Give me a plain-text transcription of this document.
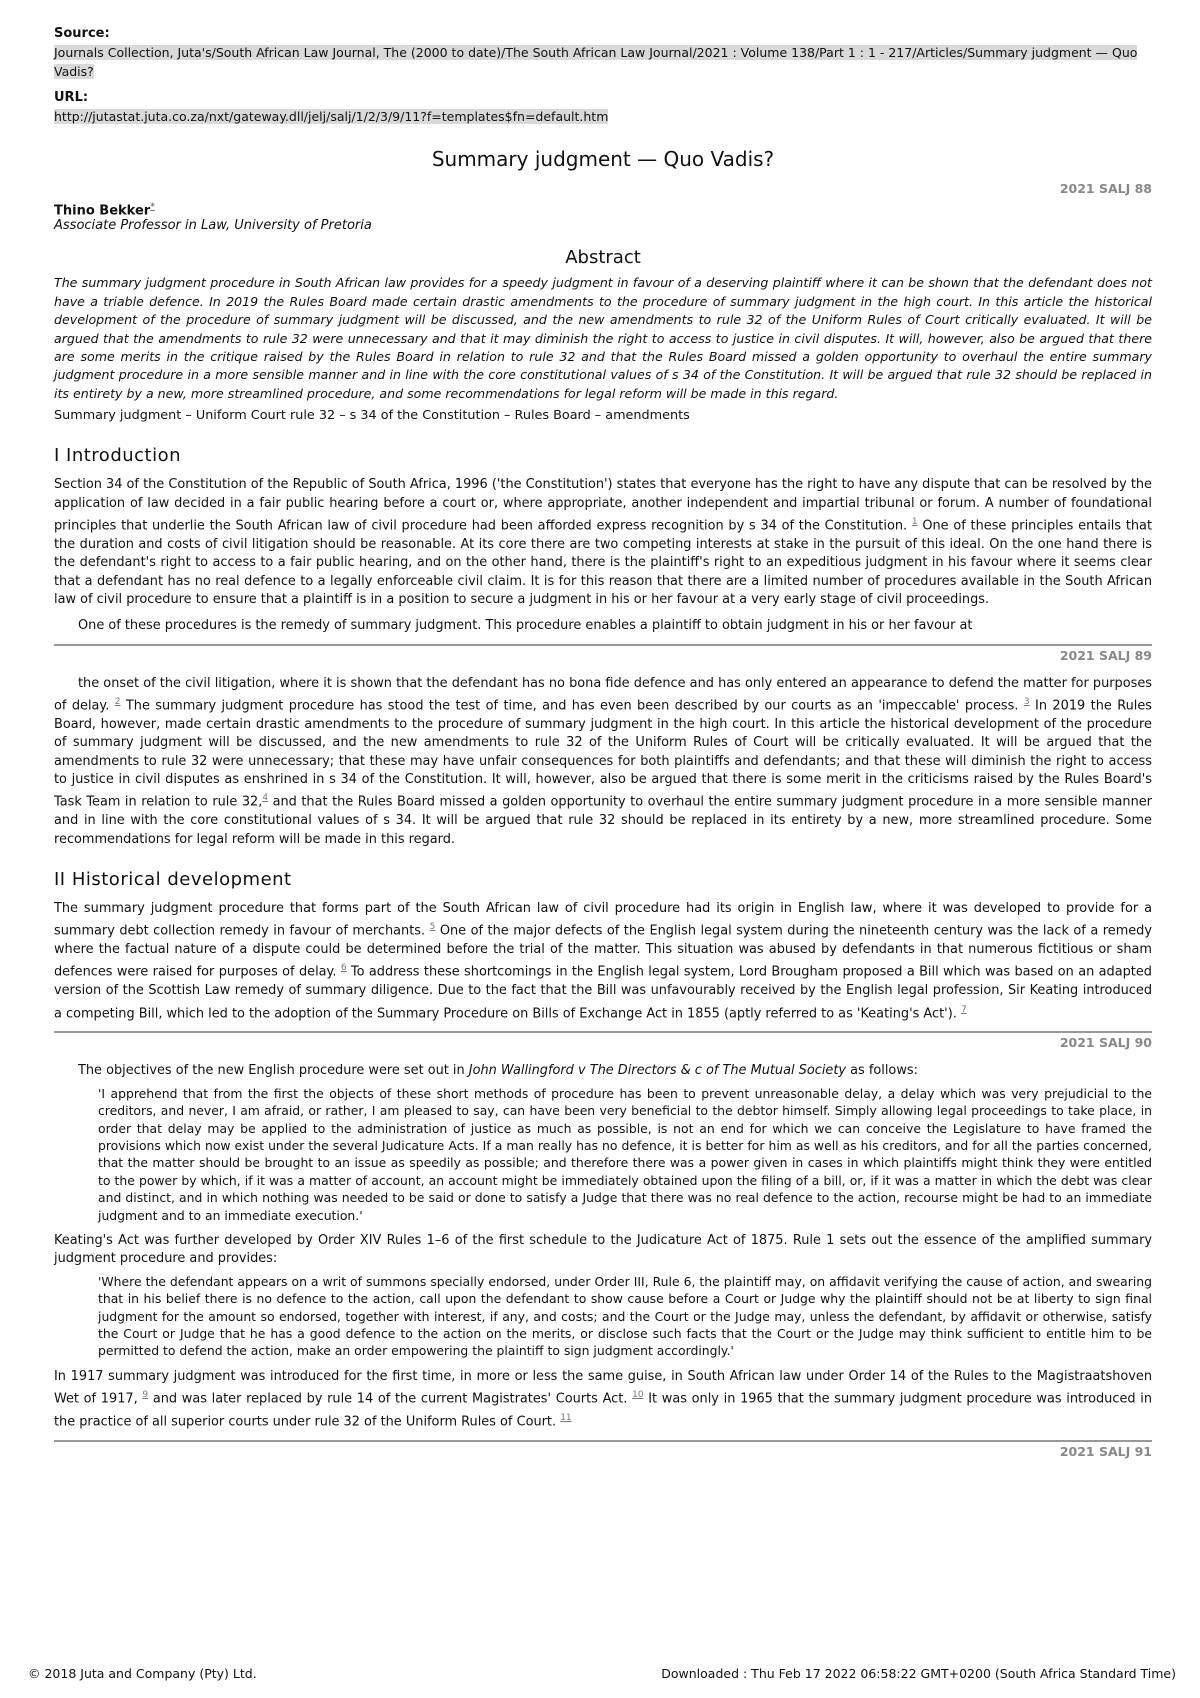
Source:
Journals Collection, Juta's/South African Law Journal, The (2000 to date)/The South African Law Journal/2021 : Volume 138/Part 1 : 1 - 217/Articles/Summary judgment — Quo Vadis?
URL:
http://jutastat.juta.co.za/nxt/gateway.dll/jelj/salj/1/2/3/9/11?f=templates$fn=default.htm
Summary judgment — Quo Vadis?
2021 SALJ 88
Thino Bekker*
Associate Professor in Law, University of Pretoria
Abstract

The summary judgment procedure in South African law provides for a speedy judgment in favour of a deserving plaintiff where it can be shown that the defendant does not have a triable defence. In 2019 the Rules Board made certain drastic amendments to the procedure of summary judgment in the high court. In this article the historical development of the procedure of summary judgment will be discussed, and the new amendments to rule 32 of the Uniform Rules of Court critically evaluated. It will be argued that the amendments to rule 32 were unnecessary and that it may diminish the right to access to justice in civil disputes. It will, however, also be argued that there are some merits in the critique raised by the Rules Board in relation to rule 32 and that the Rules Board missed a golden opportunity to overhaul the entire summary judgment procedure in a more sensible manner and in line with the core constitutional values of s 34 of the Constitution. It will be argued that rule 32 should be replaced in its entirety by a new, more streamlined procedure, and some recommendations for legal reform will be made in this regard.

Summary judgment – Uniform Court rule 32 – s 34 of the Constitution – Rules Board – amendments

I Introduction

Section 34 of the Constitution of the Republic of South Africa, 1996 ('the Constitution') states that everyone has the right to have any dispute that can be resolved by the application of law decided in a fair public hearing before a court or, where appropriate, another independent and impartial tribunal or forum. A number of foundational principles that underlie the South African law of civil procedure had been afforded express recognition by s 34 of the Constitution. $^1$ One of these principles entails that the duration and costs of civil litigation should be reasonable. At its core there are two competing interests at stake in the pursuit of this ideal. On the one hand there is the defendant's right to access to a fair public hearing, and on the other hand, there is the plaintiff's right to an expeditious judgment in his favour where it seems clear that a defendant has no real defence to a legally enforceable civil claim. It is for this reason that there are a limited number of procedures available in the South African law of civil procedure to ensure that a plaintiff is in a position to secure a judgment in his or her favour at a very early stage of civil proceedings.

One of these procedures is the remedy of summary judgment. This procedure enables a plaintiff to obtain judgment in his or her favour at

2021 SALJ 89

the onset of the civil litigation, where it is shown that the defendant has no bona fide defence and has only entered an appearance to defend the matter for purposes of delay. $^2$ The summary judgment procedure has stood the test of time, and has even been described by our courts as an 'impeccable' process. $^3$ In 2019 the Rules Board, however, made certain drastic amendments to the procedure of summary judgment in the high court. In this article the historical development of the procedure of summary judgment will be discussed, and the new amendments to rule 32 of the Uniform Rules of Court will be critically evaluated. It will be argued that the amendments to rule 32 were unnecessary; that these may have unfair consequences for both plaintiffs and defendants; and that these will diminish the right to access to justice in civil disputes as enshrined in s 34 of the Constitution. It will, however, also be argued that there is some merit in the criticisms raised by the Rules Board's Task Team in relation to rule 32,$^4$ and that the Rules Board missed a golden opportunity to overhaul the entire summary judgment procedure in a more sensible manner and in line with the core constitutional values of s 34. It will be argued that rule 32 should be replaced in its entirety by a new, more streamlined procedure. Some recommendations for legal reform will be made in this regard.

II Historical development

The summary judgment procedure that forms part of the South African law of civil procedure had its origin in English law, where it was developed to provide for a summary debt collection remedy in favour of merchants. $^5$ One of the major defects of the English legal system during the nineteenth century was the lack of a remedy where the factual nature of a dispute could be determined before the trial of the matter. This situation was abused by defendants in that numerous fictitious or sham defences were raised for purposes of delay. $^6$ To address these shortcomings in the English legal system, Lord Brougham proposed a Bill which was based on an adapted version of the Scottish Law remedy of summary diligence. Due to the fact that the Bill was unfavourably received by the English legal profession, Sir Keating introduced a competing Bill, which led to the adoption of the Summary Procedure on Bills of Exchange Act in 1855 (aptly referred to as 'Keating's Act'). $^7$

2021 SALJ 90

The objectives of the new English procedure were set out in John Wallingford v The Directors & c of The Mutual Society as follows:

'I apprehend that from the first the objects of these short methods of procedure has been to prevent unreasonable delay, a delay which was very prejudicial to the creditors, and never, I am afraid, or rather, I am pleased to say, can have been very beneficial to the debtor himself. Simply allowing legal proceedings to take place, in order that delay may be applied to the administration of justice as much as possible, is not an end for which we can conceive the Legislature to have framed the provisions which now exist under the several Judicature Acts. If a man really has no defence, it is better for him as well as his creditors, and for all the parties concerned, that the matter should be brought to an issue as speedily as possible; and therefore there was a power given in cases in which plaintiffs might think they were entitled to the power by which, if it was a matter of account, an account might be immediately obtained upon the filing of a bill, or, if it was a matter in which the debt was clear and distinct, and in which nothing was needed to be said or done to satisfy a Judge that there was no real defence to the action, recourse might be had to an immediate judgment and to an immediate execution.'

Keating's Act was further developed by Order XIV Rules 1–6 of the first schedule to the Judicature Act of 1875. Rule 1 sets out the essence of the amplified summary judgment procedure and provides:

'Where the defendant appears on a writ of summons specially endorsed, under Order III, Rule 6, the plaintiff may, on affidavit verifying the cause of action, and swearing that in his belief there is no defence to the action, call upon the defendant to show cause before a Court or Judge why the plaintiff should not be at liberty to sign final judgment for the amount so endorsed, together with interest, if any, and costs; and the Court or the Judge may, unless the defendant, by affidavit or otherwise, satisfy the Court or Judge that he has a good defence to the action on the merits, or disclose such facts that the Court or the Judge may think sufficient to entitle him to be permitted to defend the action, make an order empowering the plaintiff to sign judgment accordingly.'

In 1917 summary judgment was introduced for the first time, in more or less the same guise, in South African law under Order 14 of the Rules to the Magistraatshoven Wet of 1917, $^9$ and was later replaced by rule 14 of the current Magistrates' Courts Act. $^{10}$ It was only in 1965 that the summary judgment procedure was introduced in the practice of all superior courts under rule 32 of the Uniform Rules of Court. $^{11}$

2021 SALJ 91
© 2018 Juta and Company (Pty) Ltd.	Downloaded : Thu Feb 17 2022 06:58:22 GMT+0200 (South Africa Standard Time)
